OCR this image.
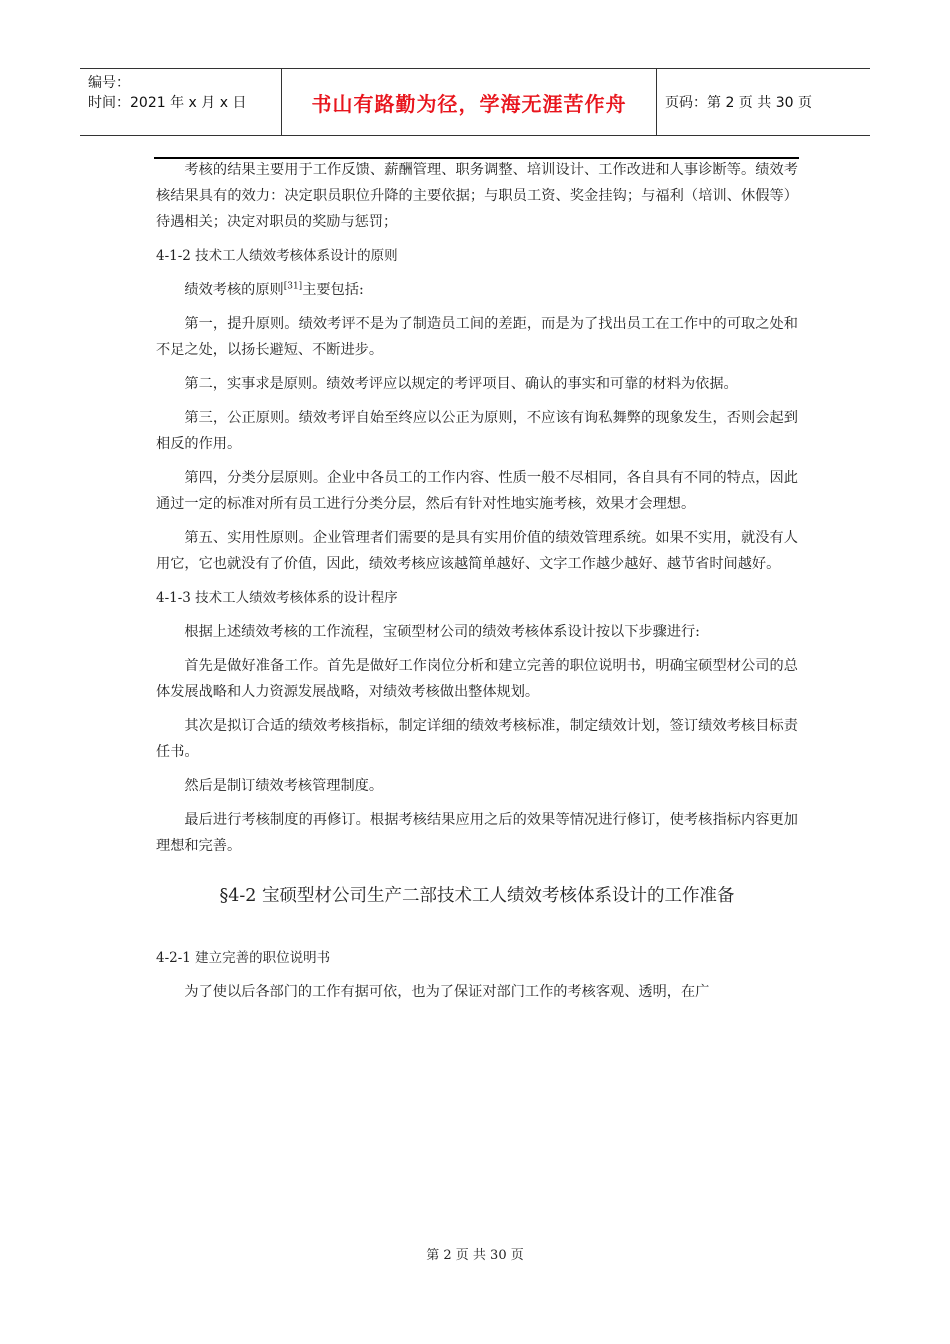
编号：
时间：2021 年 x 月 x 日	书山有路勤为径，学海无涯苦作舟	页码：第 2 页 共 30 页

考核的结果主要用于工作反馈、薪酬管理、职务调整、培训设计、工作改进和人事诊断等。绩效考核结果具有的效力：决定职员职位升降的主要依据；与职员工资、奖金挂钩；与福利（培训、休假等）待遇相关；决定对职员的奖励与惩罚；

4-1-2 技术工人绩效考核体系设计的原则

绩效考核的原则[31]主要包括:

第一，提升原则。绩效考评不是为了制造员工间的差距，而是为了找出员工在工作中的可取之处和不足之处，以扬长避短、不断进步。

第二，实事求是原则。绩效考评应以规定的考评项目、确认的事实和可靠的材料为依据。

第三，公正原则。绩效考评自始至终应以公正为原则，不应该有询私舞弊的现象发生，否则会起到相反的作用。

第四，分类分层原则。企业中各员工的工作内容、性质一般不尽相同，各自具有不同的特点，因此通过一定的标准对所有员工进行分类分层，然后有针对性地实施考核，效果才会理想。

第五、实用性原则。企业管理者们需要的是具有实用价值的绩效管理系统。如果不实用，就没有人用它，它也就没有了价值，因此，绩效考核应该越简单越好、文字工作越少越好、越节省时间越好。

4-1-3 技术工人绩效考核体系的设计程序

根据上述绩效考核的工作流程，宝硕型材公司的绩效考核体系设计按以下步骤进行:

首先是做好准备工作。首先是做好工作岗位分析和建立完善的职位说明书，明确宝硕型材公司的总体发展战略和人力资源发展战略，对绩效考核做出整体规划。

其次是拟订合适的绩效考核指标，制定详细的绩效考核标准，制定绩效计划，签订绩效考核目标责任书。

然后是制订绩效考核管理制度。

最后进行考核制度的再修订。根据考核结果应用之后的效果等情况进行修订，使考核指标内容更加理想和完善。

§4-2 宝硕型材公司生产二部技术工人绩效考核体系设计的工作准备

4-2-1 建立完善的职位说明书

为了使以后各部门的工作有据可依，也为了保证对部门工作的考核客观、透明，在广

第 2 页 共 30 页
